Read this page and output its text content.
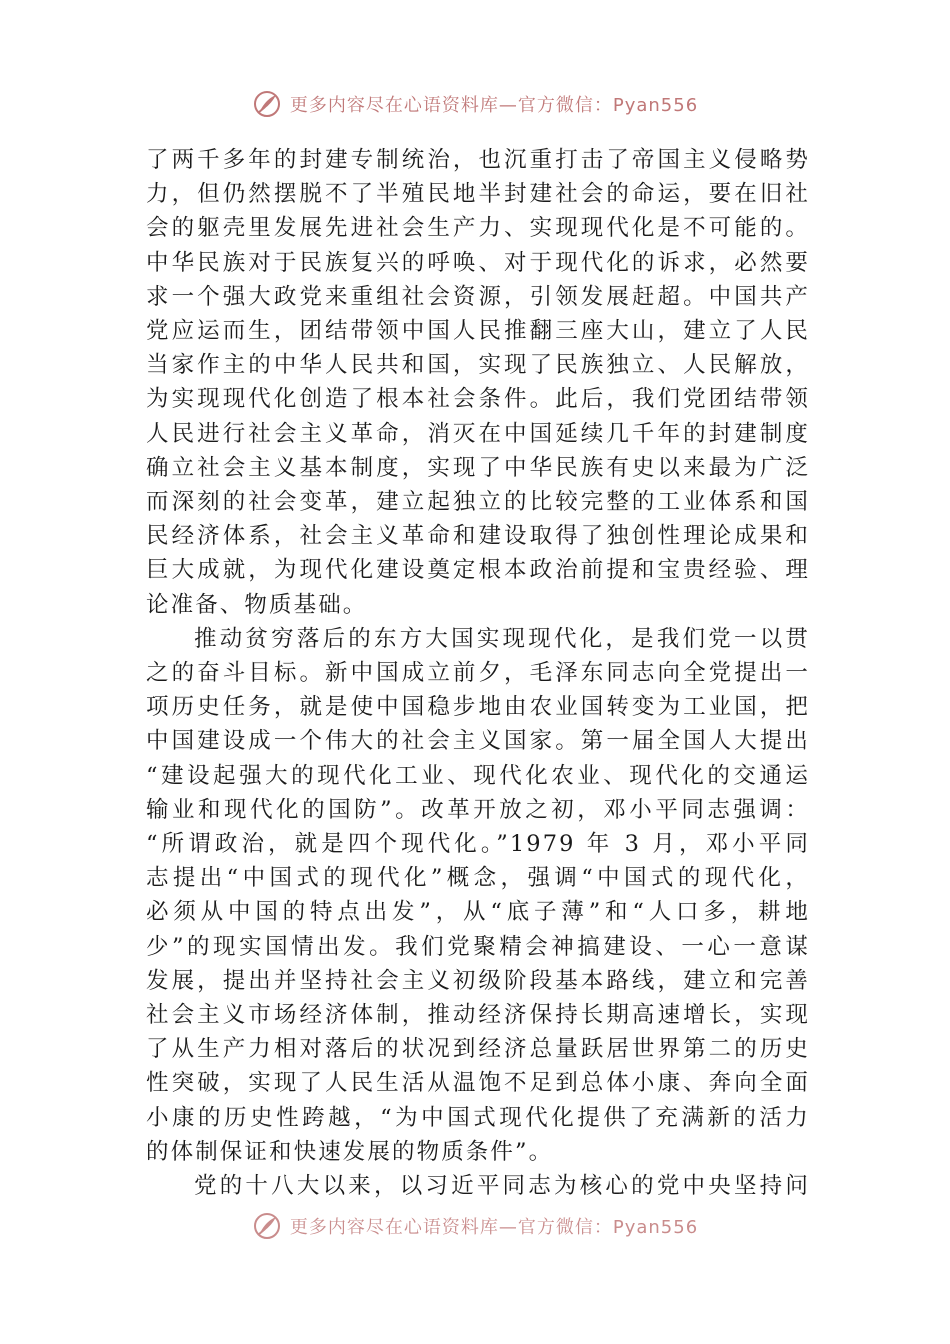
更多内容尽在心语资料库—官方微信：Pyan556
了两千多年的封建专制统治，也沉重打击了帝国主义侵略势
力，但仍然摆脱不了半殖民地半封建社会的命运，要在旧社
会的躯壳里发展先进社会生产力、实现现代化是不可能的。
中华民族对于民族复兴的呼唤、对于现代化的诉求，必然要
求一个强大政党来重组社会资源，引领发展赶超。中国共产
党应运而生，团结带领中国人民推翻三座大山，建立了人民
当家作主的中华人民共和国，实现了民族独立、人民解放，
为实现现代化创造了根本社会条件。此后，我们党团结带领
人民进行社会主义革命，消灭在中国延续几千年的封建制度
确立社会主义基本制度，实现了中华民族有史以来最为广泛
而深刻的社会变革，建立起独立的比较完整的工业体系和国
民经济体系，社会主义革命和建设取得了独创性理论成果和
巨大成就，为现代化建设奠定根本政治前提和宝贵经验、理
论准备、物质基础。
推动贫穷落后的东方大国实现现代化，是我们党一以贯
之的奋斗目标。新中国成立前夕，毛泽东同志向全党提出一
项历史任务，就是使中国稳步地由农业国转变为工业国，把
中国建设成一个伟大的社会主义国家。第一届全国人大提出
“建设起强大的现代化工业、现代化农业、现代化的交通运
输业和现代化的国防”。改革开放之初，邓小平同志强调：
“所谓政治，就是四个现代化。”1979 年 3 月，邓小平同
志提出“中国式的现代化”概念，强调“中国式的现代化，
必须从中国的特点出发”，从“底子薄”和“人口多，耕地
少”的现实国情出发。我们党聚精会神搞建设、一心一意谋
发展，提出并坚持社会主义初级阶段基本路线，建立和完善
社会主义市场经济体制，推动经济保持长期高速增长，实现
了从生产力相对落后的状况到经济总量跃居世界第二的历史
性突破，实现了人民生活从温饱不足到总体小康、奔向全面
小康的历史性跨越，“为中国式现代化提供了充满新的活力
的体制保证和快速发展的物质条件”。
党的十八大以来，以习近平同志为核心的党中央坚持问
更多内容尽在心语资料库—官方微信：Pyan556
